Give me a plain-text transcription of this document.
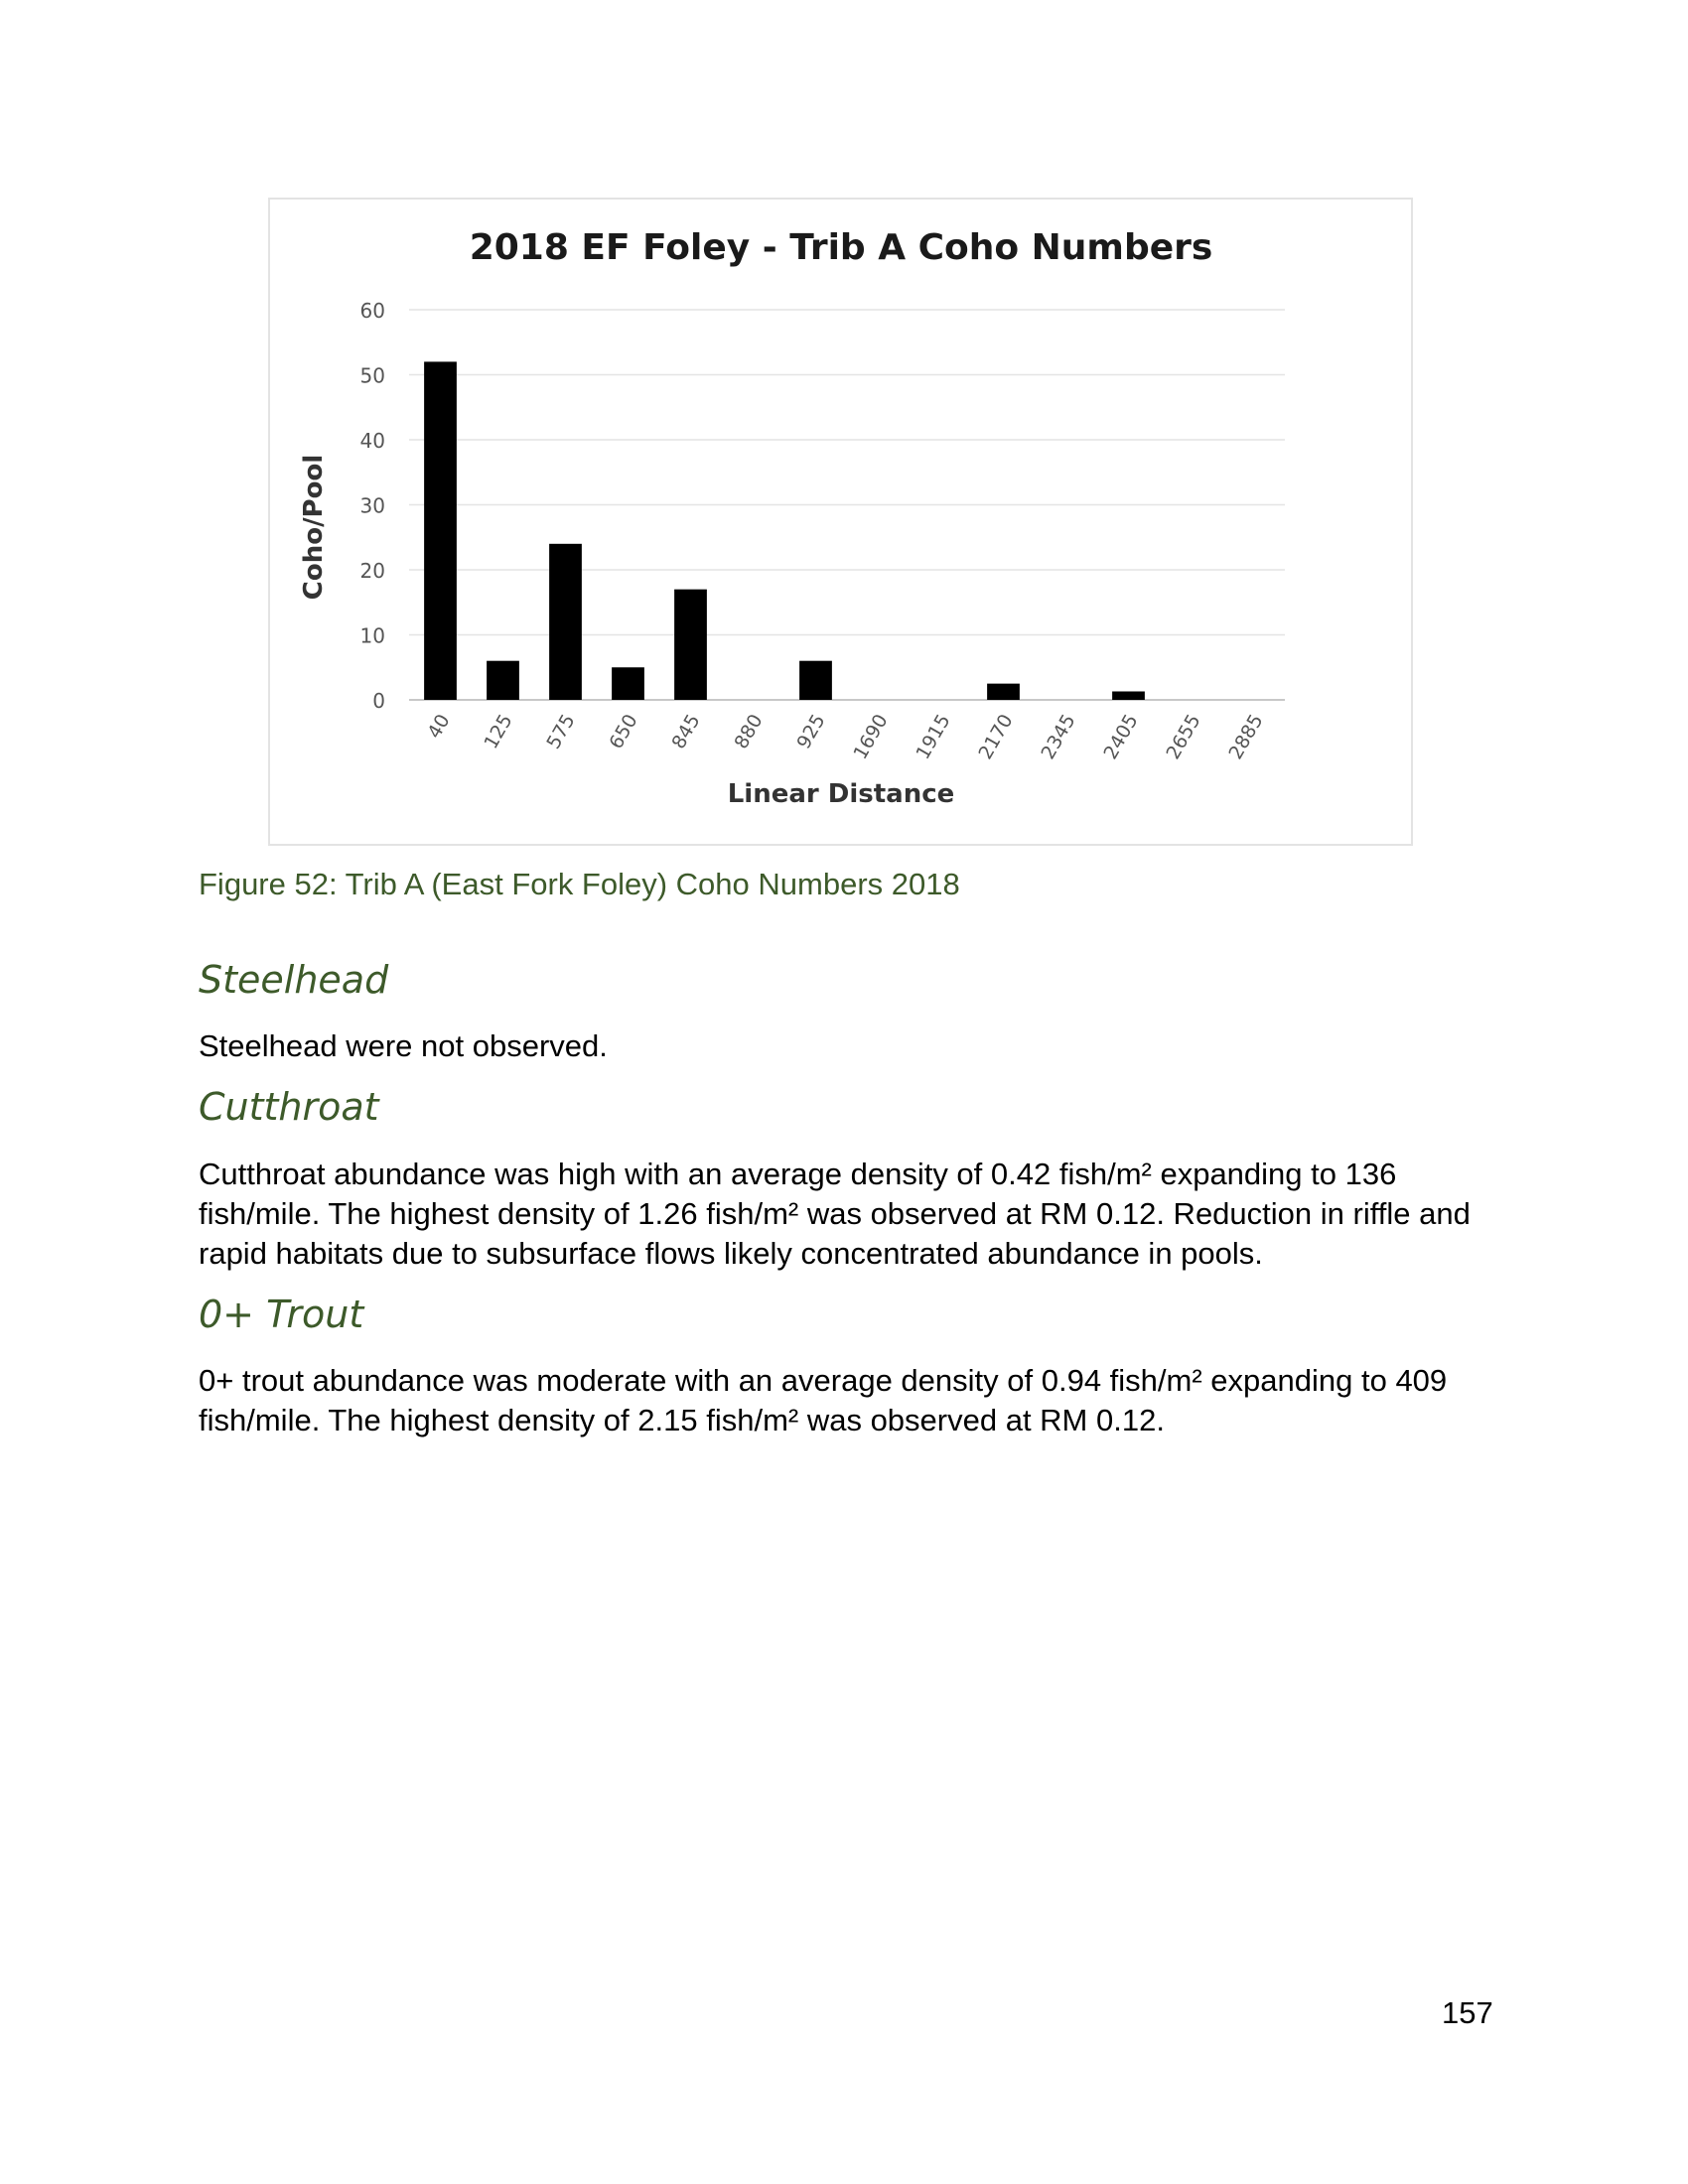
0
10
20
30
40
50
60
40 125 575 650 845 880 925 1690 1915 2170 2345 2405 2655 2885
2018 EF Foley - Trib A Coho Numbers
Linear Distance
Coho/Pool
Figure 52: Trib A (East Fork Foley) Coho Numbers 2018
Steelhead
Steelhead were not observed.
Cutthroat
Cutthroat abundance was high with an average density of 0.42 fish/m² expanding to 136 fish/mile. The highest density of 1.26 fish/m² was observed at RM 0.12. Reduction in riffle and rapid habitats due to subsurface flows likely concentrated abundance in pools.
0+ Trout
0+ trout abundance was moderate with an average density of 0.94 fish/m² expanding to 409 fish/mile. The highest density of 2.15 fish/m² was observed at RM 0.12.
157
